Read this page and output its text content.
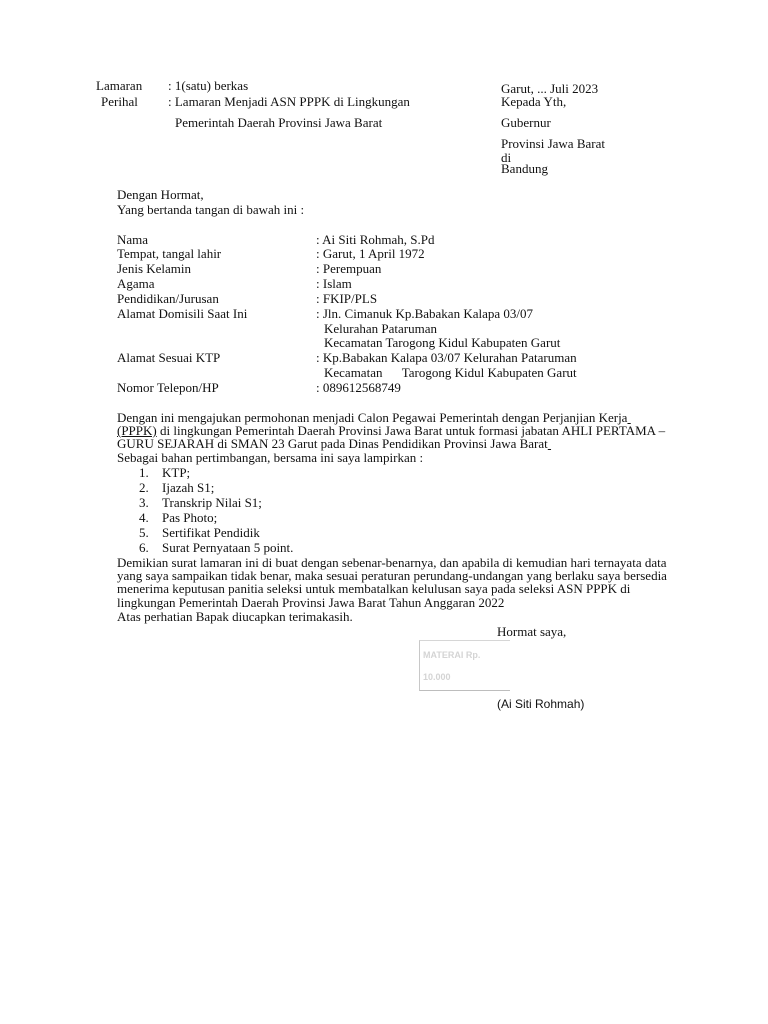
Lamaran : 1(satu) berkas
Perihal : Lamaran Menjadi ASN PPPK di Lingkungan
Pemerintah Daerah Provinsi Jawa Barat
Garut, ... Juli 2023
Kepada Yth,
Gubernur
Provinsi Jawa Barat
di
Bandung
Dengan Hormat,
Yang bertanda tangan di bawah ini :
Nama	: Ai Siti Rohmah, S.Pd
Tempat, tangal lahir	: Garut, 1 April 1972
Jenis Kelamin	: Perempuan
Agama	: Islam
Pendidikan/Jurusan	: FKIP/PLS
Alamat Domisili Saat Ini	: Jln. Cimanuk Kp.Babakan Kalapa 03/07
Kelurahan Pataruman
Kecamatan Tarogong Kidul Kabupaten Garut
Alamat Sesuai KTP	: Kp.Babakan Kalapa 03/07 Kelurahan Pataruman
Kecamatan      Tarogong Kidul Kabupaten Garut
Nomor Telepon/HP	: 089612568749
Dengan ini mengajukan permohonan menjadi Calon Pegawai Pemerintah dengan Perjanjian Kerja
(PPPK) di lingkungan Pemerintah Daerah Provinsi Jawa Barat untuk formasi jabatan AHLI PERTAMA –
GURU SEJARAH di SMAN 23 Garut pada Dinas Pendidikan Provinsi Jawa Barat
Sebagai bahan pertimbangan, bersama ini saya lampirkan :
1. KTP;
2. Ijazah S1;
3. Transkrip Nilai S1;
4. Pas Photo;
5. Sertifikat Pendidik
6. Surat Pernyataan 5 point.
Demikian surat lamaran ini di buat dengan sebenar-benarnya, dan apabila di kemudian hari ternayata data
yang saya sampaikan tidak benar, maka sesuai peraturan perundang-undangan yang berlaku saya bersedia
menerima keputusan panitia seleksi untuk membatalkan kelulusan saya pada seleksi ASN PPPK di
lingkungan Pemerintah Daerah Provinsi Jawa Barat Tahun Anggaran 2022
Atas perhatian Bapak diucapkan terimakasih.
Hormat saya,
MATERAI Rp.
10.000
(Ai Siti Rohmah)
